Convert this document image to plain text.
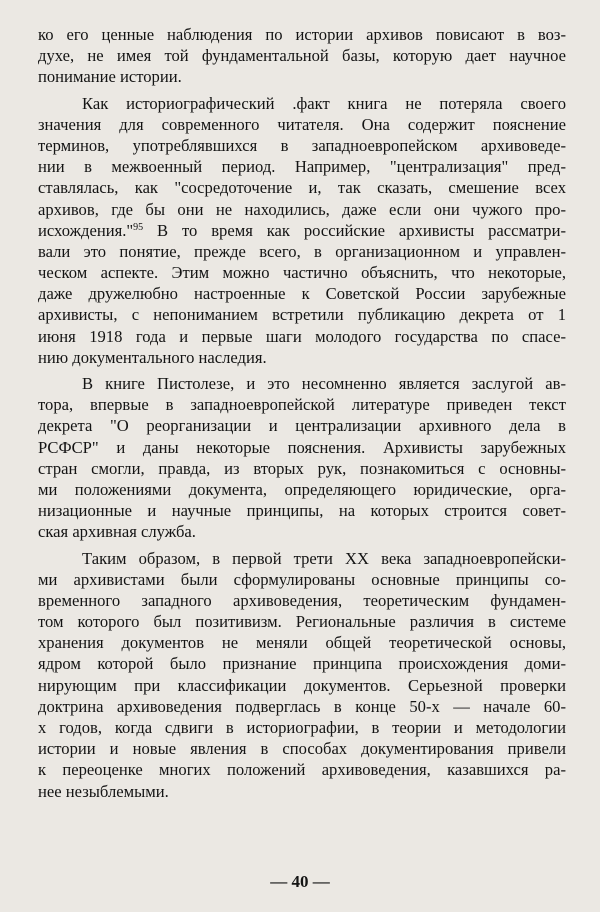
ко его ценные наблюдения по истории архивов повисают в воз-
духе, не имея той фундаментальной базы, которую дает научное
понимание истории.
Как историографический .факт книга не потеряла своего
значения для современного читателя. Она содержит пояснение
терминов, употреблявшихся в западноевропейском архивоведе-
нии в межвоенный период. Например, "централизация" пред-
ставлялась, как "сосредоточение и, так сказать, смешение всех
архивов, где бы они не находились, даже если они чужого про-
исхождения."$^{95}$ В то время как российские архивисты рассматри-
вали это понятие, прежде всего, в организационном и управлен-
ческом аспекте. Этим можно частично объяснить, что некоторые,
даже дружелюбно настроенные к Советской России зарубежные
архивисты, с непониманием встретили публикацию декрета от 1
июня 1918 года и первые шаги молодого государства по спасе-
нию документального наследия.
В книге Пистолезе, и это несомненно является заслугой ав-
тора, впервые в западноевропейской литературе приведен текст
декрета "О реорганизации и централизации архивного дела в
РСФСР" и даны некоторые пояснения. Архивисты зарубежных
стран смогли, правда, из вторых рук, познакомиться с основны-
ми положениями документа, определяющего юридические, орга-
низационные и научные принципы, на которых строится совет-
ская архивная служба.
Таким образом, в первой трети XX века западноевропейски-
ми архивистами были сформулированы основные принципы со-
временного западного архивоведения, теоретическим фундамен-
том которого был позитивизм. Региональные различия в системе
хранения документов не меняли общей теоретической основы,
ядром которой было признание принципа происхождения доми-
нирующим при классификации документов. Серьезной проверки
доктрина архивоведения подверглась в конце 50-х — начале 60-
х годов, когда сдвиги в историографии, в теории и методологии
истории и новые явления в способах документирования привели
к переоценке многих положений архивоведения, казавшихся ра-
нее незыблемыми.
— 40 —
